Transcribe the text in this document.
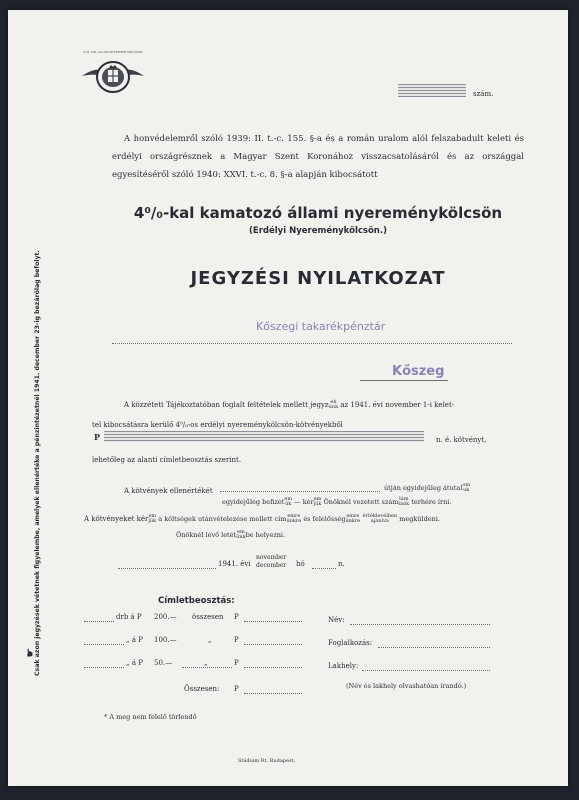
A M. KIR. ÁLLAMI NYEREMÉNYKÖLCSÖN
szám.
A honvédelemről szóló 1939: II. t.-c. 155. §-a és a román uralom alól felszabadult keleti és erdélyi országrésznek a Magyar Szent Koronához visszacsatolásáról és az országgal egyesítéséről szóló 1940: XXVI. t.-c. 8. §-a alapján kibocsátott
4⁰/₀-kal kamatozó állami nyereménykölcsön
(Erdélyi Nyereménykölcsön.)
JEGYZÉSI NYILATKOZAT
Kőszegi takarékpénztár
Kőszeg
A közzétett Tájékoztatóban foglalt feltételek mellett jegyz ek
ünk az 1941. évi november 1-i kelet-
tel kibocsátásra kerülő 4⁰/₀-os erdélyi nyereménykölcsön-kötvényekből
P	n. é. kötvényt,
lehetőleg az alanti címletbeosztás szerint.
A kötvények ellenértékét	útján egyidejűleg átutalom
uk
egyidejűleg befizetem
ük — kérem
jük Önöknél vezetett számlám
lánk terhére írni.
A kötvényeket kérem
jük a költségek utánvételezése mellett címemre
ünkre és felelősségemre
ünkre értéklevélben
ajánlva megküldeni.
Önöknél levő letétem
ünkbe helyezni.
1941. évi
november
december hó	n.
Címletbeosztás:
drb á P 200.— összesen P
„ á P 100.—	„	P
„ á P 50.—	„	P
Összesen: P
Név:
Foglalkozás:
Lakhely:
(Név és lakhely olvashatóan írandó.)
* A meg nem felelő törlendő
Stádium Rt. Budapest.
Csak azon jegyzések vétetnek figyelembe, amelyek ellenértéke a pénzintézetnél 1941. december 23-ig bezárólag befolyt.
☛
